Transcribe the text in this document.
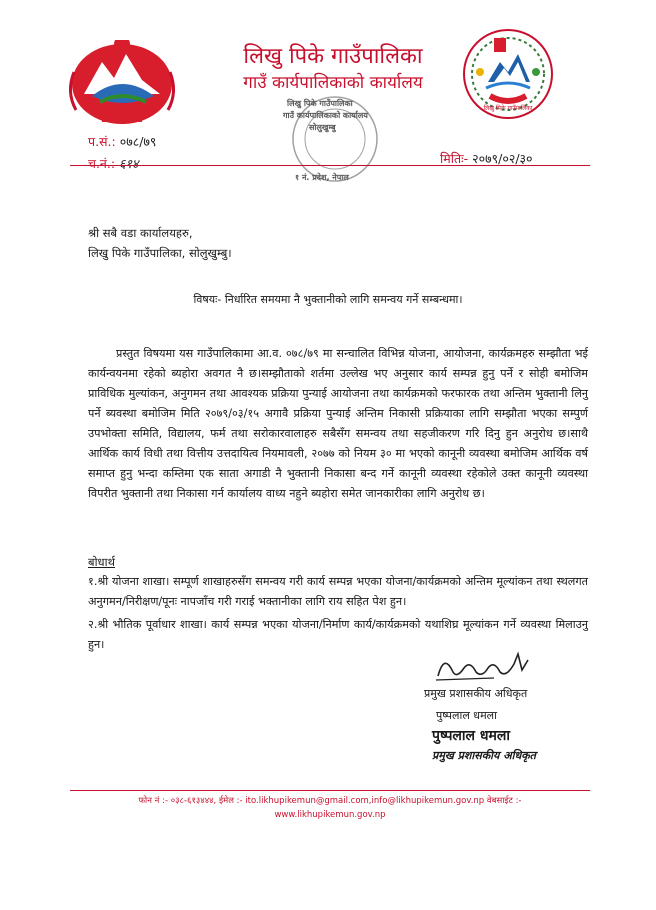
लिखु पिके गाउँपालिका
गाउँ कार्यपालिकाको कार्यालय
लिखु पिके गाउँपालिका
लिखु पिके गाउँपालिका
गाउँ कार्यपालिकाको कार्यालय
सोलुखुम्बु
१ नं. प्रदेश, नेपाल
प.सं.: ०७८/७९
च.नं.: ६१४	मितिः- २०७९/०२/३०
श्री सबै वडा कार्यालयहरु,
लिखु पिके गाउँपालिका, सोलुखुम्बु।
विषयः- निर्धारित समयमा नै भुक्तानीको लागि समन्वय गर्ने सम्बन्धमा।
प्रस्तुत विषयमा यस गाउँपालिकामा आ.व. ०७८/७९ मा सन्चालित विभिन्न योजना, आयोजना, कार्यक्रमहरु सम्झौता भई कार्यन्वयनमा रहेको ब्यहोरा अवगत नै छ।सम्झौताको शर्तमा उल्लेख भए अनुसार कार्य सम्पन्न हुनु पर्ने र सोही बमोजिम प्राविधिक मुल्यांकन, अनुगमन तथा आवश्यक प्रक्रिया पुन्याई आयोजना तथा कार्यक्रमको फरफारक तथा अन्तिम भुक्तानी लिनु पर्ने ब्यवस्था बमोजिम मिति २०७९/०३/१५ अगावै प्रक्रिया पुन्याई अन्तिम निकासी प्रक्रियाका लागि सम्झौता भएका सम्पुर्ण उपभोक्ता समिति, विद्यालय, फर्म तथा सरोकारवालाहरु सबैसँग समन्वय तथा सहजीकरण गरि दिनु हुन अनुरोध छ।साथै आर्थिक कार्य विधी तथा वित्तीय उत्तदायित्व नियमावली, २०७७ को नियम ३० मा भएको कानूनी व्यवस्था बमोजिम आर्थिक वर्ष समाप्त हुनु भन्दा कम्तिमा एक साता अगाडी नै भुक्तानी निकासा बन्द गर्ने कानूनी व्यवस्था रहेकोले उक्त कानूनी व्यवस्था विपरीत भुक्तानी तथा निकासा गर्न कार्यालय वाध्य नहुने ब्यहोरा समेत जानकारीका लागि अनुरोध छ।
बोधार्थ
१.श्री योजना शाखा। सम्पूर्ण शाखाहरुसँग समन्वय गरी कार्य सम्पन्न भएका योजना/कार्यक्रमको अन्तिम मूल्यांकन तथा स्थलगत अनुगमन/निरीक्षण/पूनः नापजाँच गरी गराई भक्तानीका लागि राय सहित पेश हुन।
२.श्री भौतिक पूर्वाधार शाखा। कार्य सम्पन्न भएका योजना/निर्माण कार्य/कार्यक्रमको यथाशिघ्र मूल्यांकन गर्ने व्यवस्था मिलाउनु हुन।
प्रमुख प्रशासकीय अधिकृत
पुष्पलाल धमला
पुष्पलाल धमला
प्रमुख प्रशासकीय अधिकृत
फोन नं :- ०३८-६१३४४४, ईमेल :- ito.likhupikemun@gmail.com,info@likhupikemun.gov.np वेबसाईट :-
www.likhupikemun.gov.np
